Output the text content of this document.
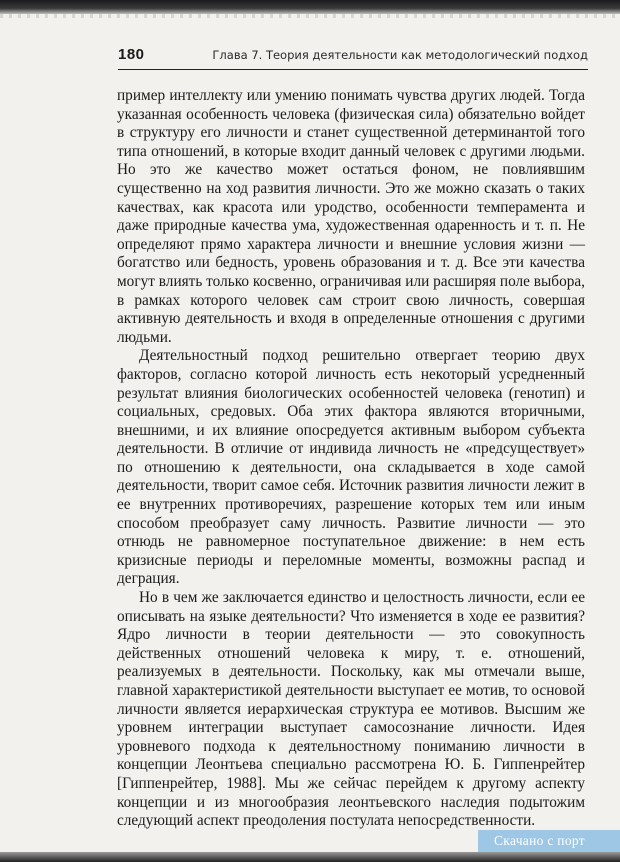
180	Глава 7. Теория деятельности как методологический подход

пример интеллекту или умению понимать чувства других людей. Тогда указанная особенность человека (физическая сила) обязательно войдет в структуру его личности и станет существенной детерминантой того типа отношений, в которые входит данный человек с другими людьми. Но это же качество может остаться фоном, не повлиявшим существенно на ход развития личности. Это же можно сказать о таких качествах, как красота или уродство, особенности темперамента и даже природные качества ума, художественная одаренность и т. п. Не определяют прямо характера личности и внешние условия жизни — богатство или бедность, уровень образования и т. д. Все эти качества могут влиять только косвенно, ограничивая или расширяя поле выбора, в рамках которого человек сам строит свою личность, совершая активную деятельность и входя в определенные отношения с другими людьми.

Деятельностный подход решительно отвергает теорию двух факторов, согласно которой личность есть некоторый усредненный результат влияния биологических особенностей человека (генотип) и социальных, средовых. Оба этих фактора являются вторичными, внешними, и их влияние опосредуется активным выбором субъекта деятельности. В отличие от индивида личность не «предсуществует» по отношению к деятельности, она складывается в ходе самой деятельности, творит самое себя. Источник развития личности лежит в ее внутренних противоречиях, разрешение которых тем или иным способом преобразует саму личность. Развитие личности — это отнюдь не равномерное поступательное движение: в нем есть кризисные периоды и переломные моменты, возможны распад и деграция.

Но в чем же заключается единство и целостность личности, если ее описывать на языке деятельности? Что изменяется в ходе ее развития? Ядро личности в теории деятельности — это совокупность действенных отношений человека к миру, т. е. отношений, реализуемых в деятельности. Поскольку, как мы отмечали выше, главной характеристикой деятельности выступает ее мотив, то основой личности является иерархическая структура ее мотивов. Высшим же уровнем интеграции выступает самосознание личности. Идея уровневого подхода к деятельностному пониманию личности в концепции Леонтьева специально рассмотрена Ю. Б. Гиппенрейтер [Гиппенрейтер, 1988]. Мы же сейчас перейдем к другому аспекту концепции и из многообразия леонтьевского наследия подытожим следующий аспект преодоления постулата непосредственности.

Скачано с порт
